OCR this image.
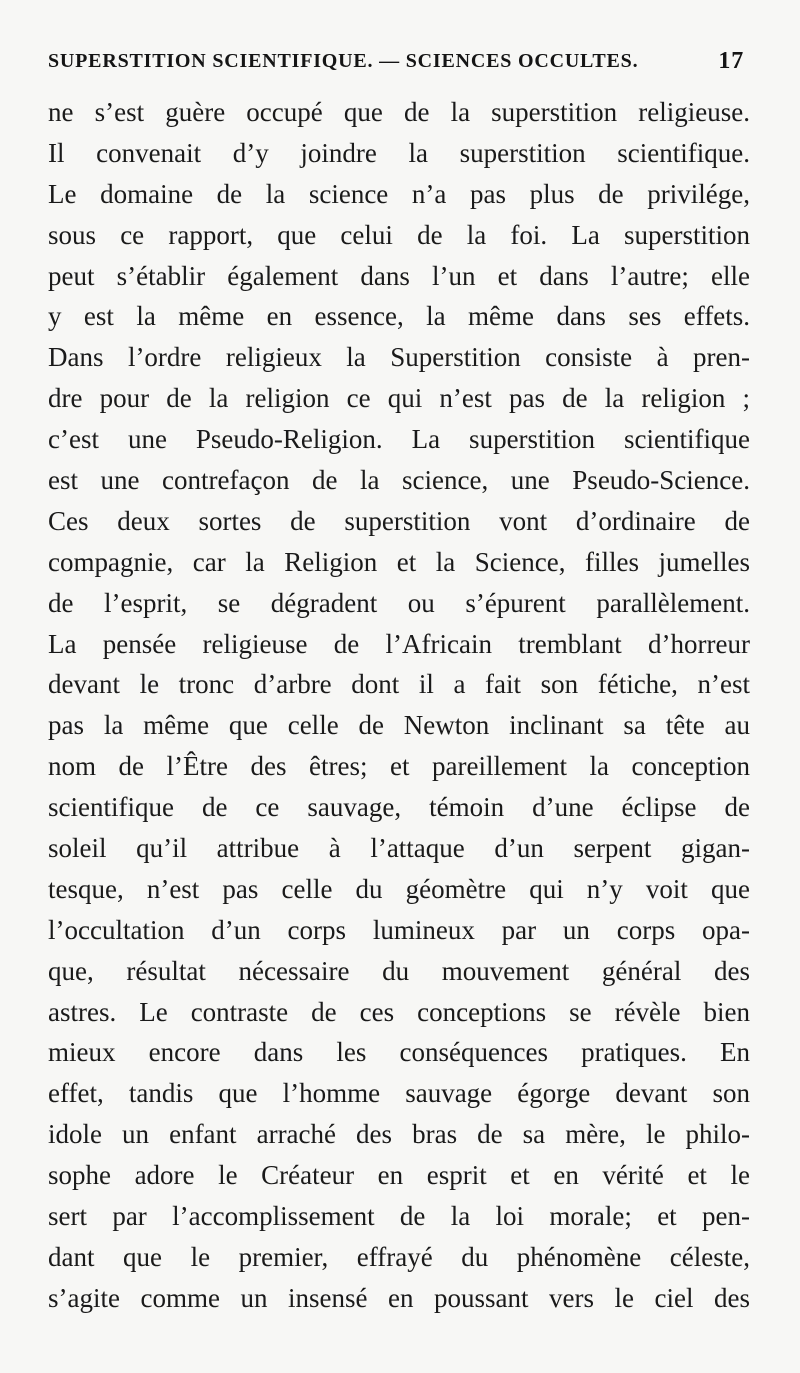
SUPERSTITION SCIENTIFIQUE. — SCIENCES OCCULTES.	17
ne s’est guère occupé que de la superstition religieuse.
Il convenait d’y joindre la superstition scientifique.
Le domaine de la science n’a pas plus de privilége,
sous ce rapport, que celui de la foi. La superstition
peut s’établir également dans l’un et dans l’autre; elle
y est la même en essence, la même dans ses effets.
Dans l’ordre religieux la Superstition consiste à pren-
dre pour de la religion ce qui n’est pas de la religion ;
c’est une Pseudo-Religion. La superstition scientifique
est une contrefaçon de la science, une Pseudo-Science.
Ces deux sortes de superstition vont d’ordinaire de
compagnie, car la Religion et la Science, filles jumelles
de l’esprit, se dégradent ou s’épurent parallèlement.
La pensée religieuse de l’Africain tremblant d’horreur
devant le tronc d’arbre dont il a fait son fétiche, n’est
pas la même que celle de Newton inclinant sa tête au
nom de l’Être des êtres; et pareillement la conception
scientifique de ce sauvage, témoin d’une éclipse de
soleil qu’il attribue à l’attaque d’un serpent gigan-
tesque, n’est pas celle du géomètre qui n’y voit que
l’occultation d’un corps lumineux par un corps opa-
que, résultat nécessaire du mouvement général des
astres. Le contraste de ces conceptions se révèle bien
mieux encore dans les conséquences pratiques. En
effet, tandis que l’homme sauvage égorge devant son
idole un enfant arraché des bras de sa mère, le philo-
sophe adore le Créateur en esprit et en vérité et le
sert par l’accomplissement de la loi morale; et pen-
dant que le premier, effrayé du phénomène céleste,
s’agite comme un insensé en poussant vers le ciel des
